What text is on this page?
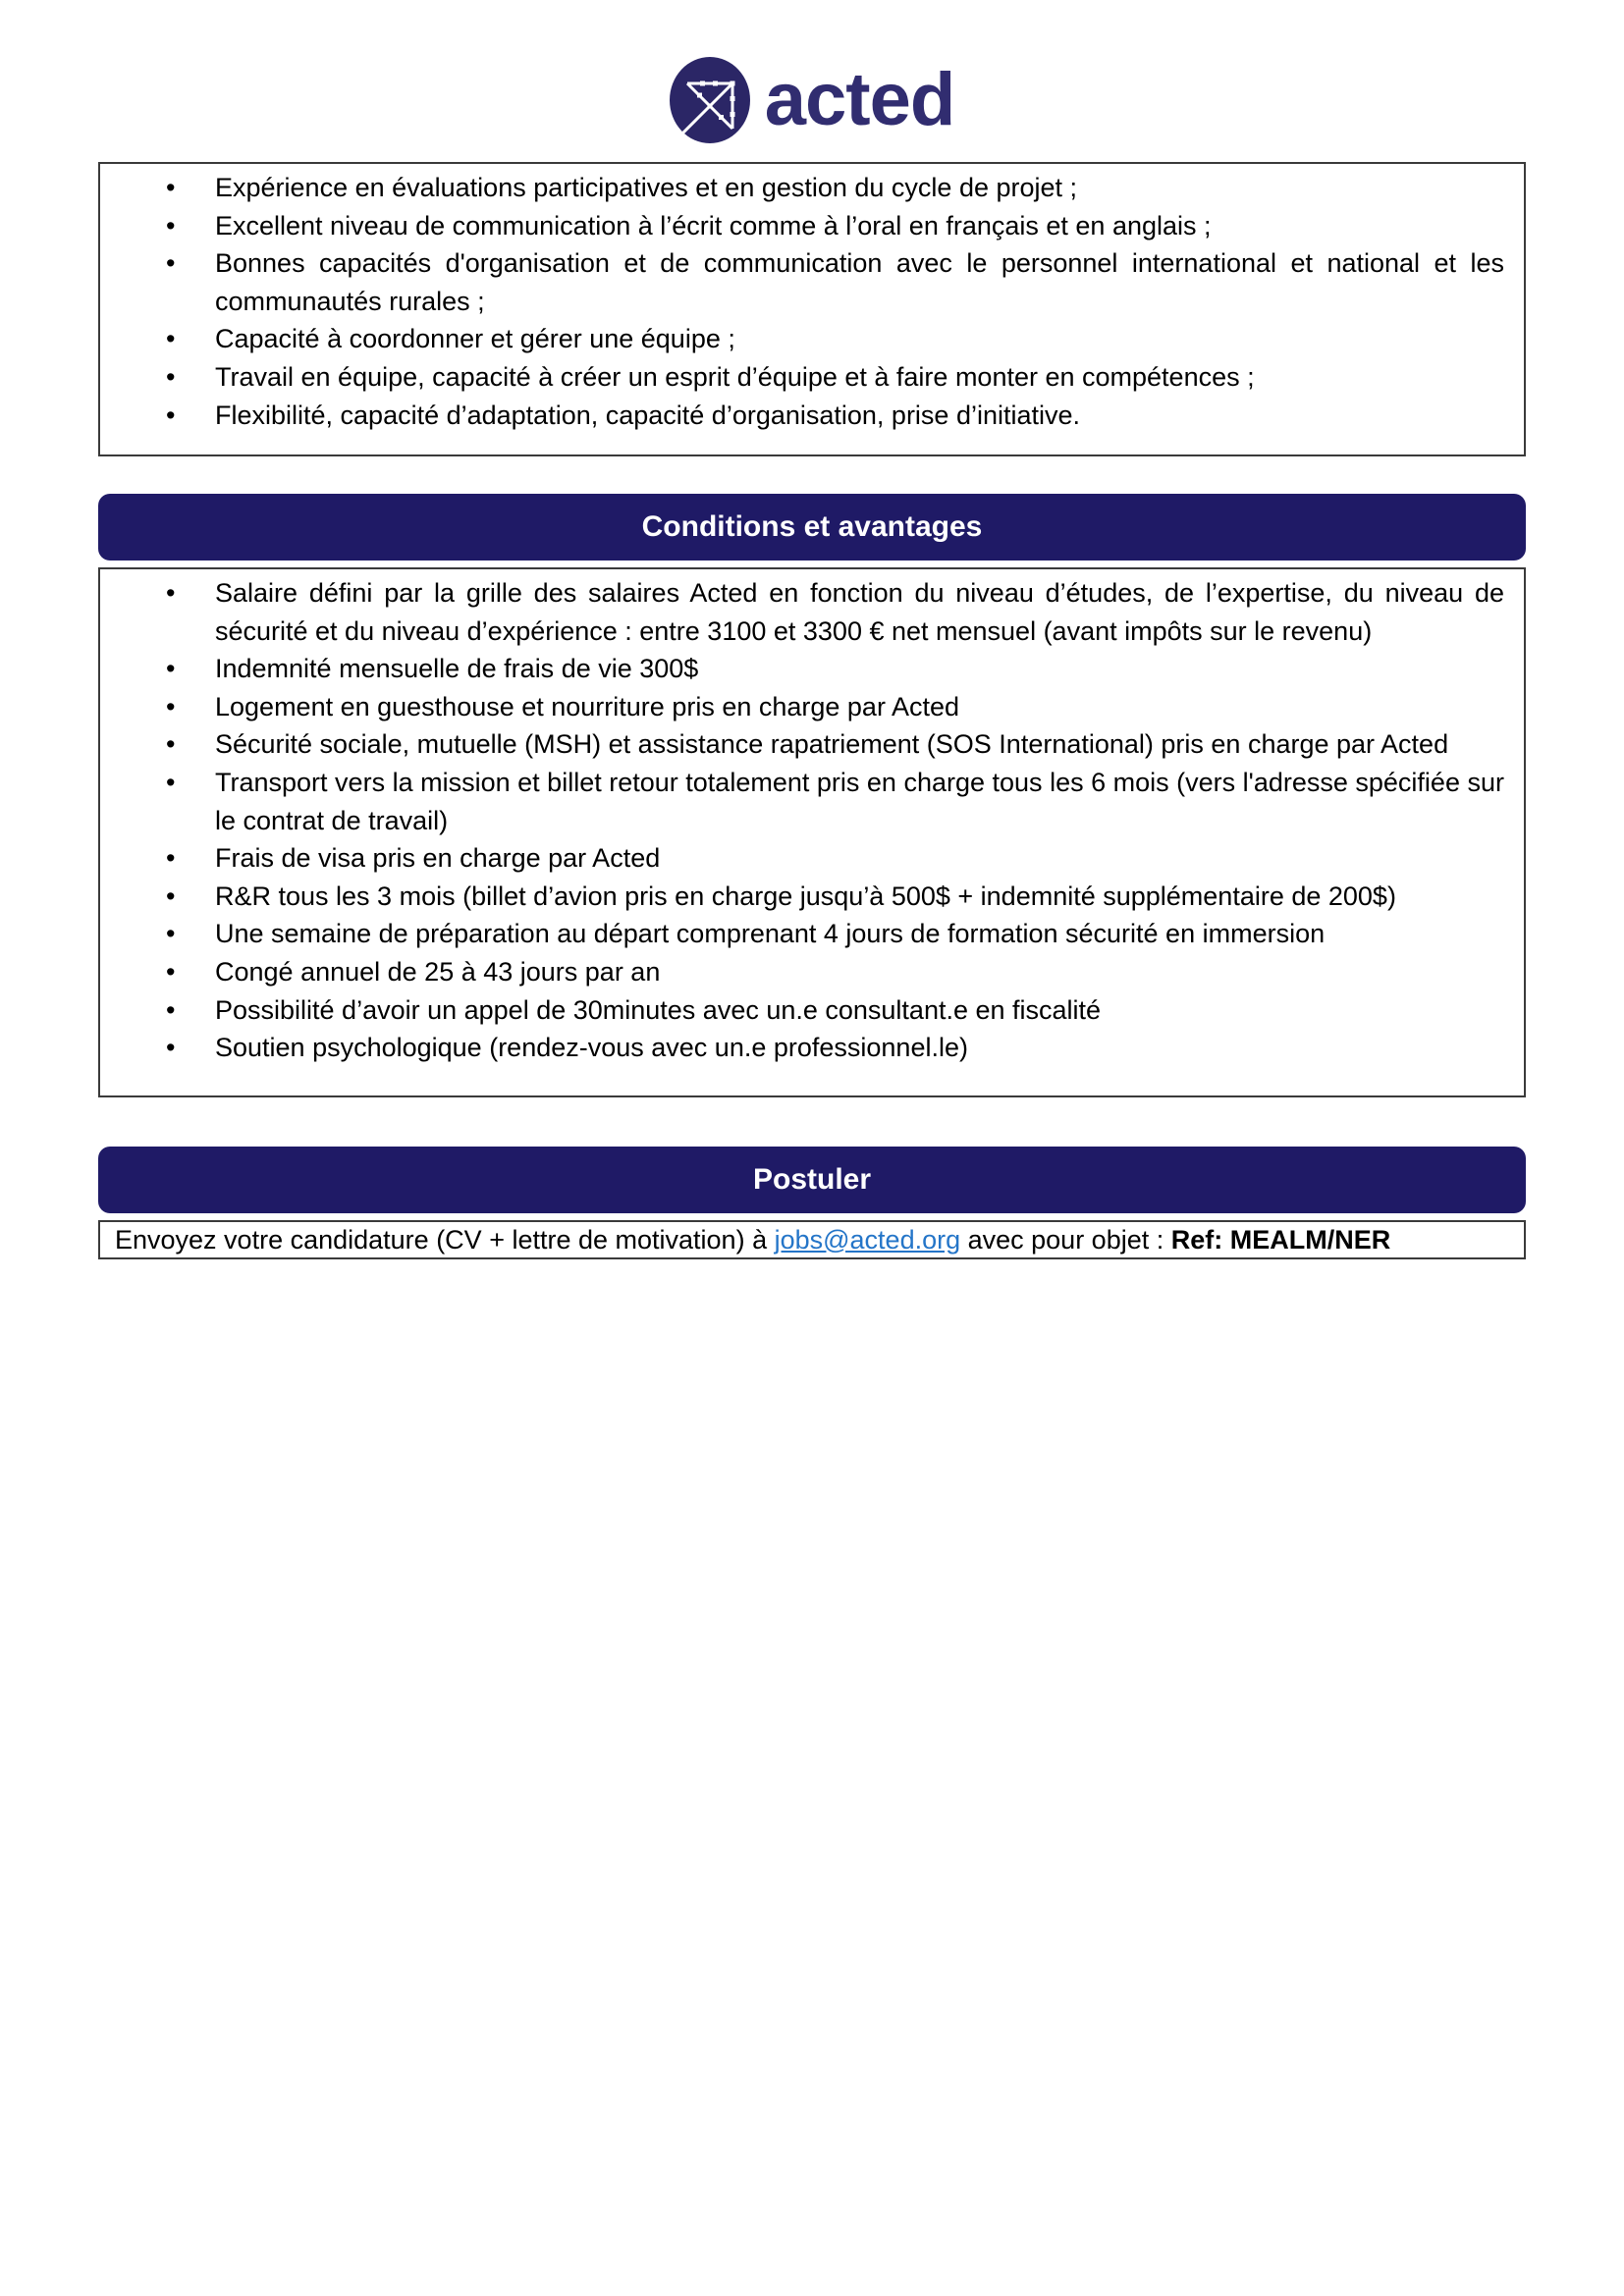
acted
• Expérience en évaluations participatives et en gestion du cycle de projet ;
• Excellent niveau de communication à l’écrit comme à l’oral en français et en anglais ;
• Bonnes capacités d'organisation et de communication avec le personnel international et national et les communautés rurales ;
• Capacité à coordonner et gérer une équipe ;
• Travail en équipe, capacité à créer un esprit d’équipe et à faire monter en compétences ;
• Flexibilité, capacité d’adaptation, capacité d’organisation, prise d’initiative.
Conditions et avantages
• Salaire défini par la grille des salaires Acted en fonction du niveau d’études, de l’expertise, du niveau de sécurité et du niveau d’expérience : entre 3100 et 3300 € net mensuel (avant impôts sur le revenu)
• Indemnité mensuelle de frais de vie 300$
• Logement en guesthouse et nourriture pris en charge par Acted
• Sécurité sociale, mutuelle (MSH) et assistance rapatriement (SOS International) pris en charge par Acted
• Transport vers la mission et billet retour totalement pris en charge tous les 6 mois (vers l'adresse spécifiée sur le contrat de travail)
• Frais de visa pris en charge par Acted
• R&R tous les 3 mois (billet d’avion pris en charge jusqu’à 500$ + indemnité supplémentaire de 200$)
• Une semaine de préparation au départ comprenant 4 jours de formation sécurité en immersion
• Congé annuel de 25 à 43 jours par an
• Possibilité d’avoir un appel de 30minutes avec un.e consultant.e en fiscalité
• Soutien psychologique (rendez-vous avec un.e professionnel.le)
Postuler

Envoyez votre candidature (CV + lettre de motivation) à jobs@acted.org avec pour objet : Ref: MEALM/NER
